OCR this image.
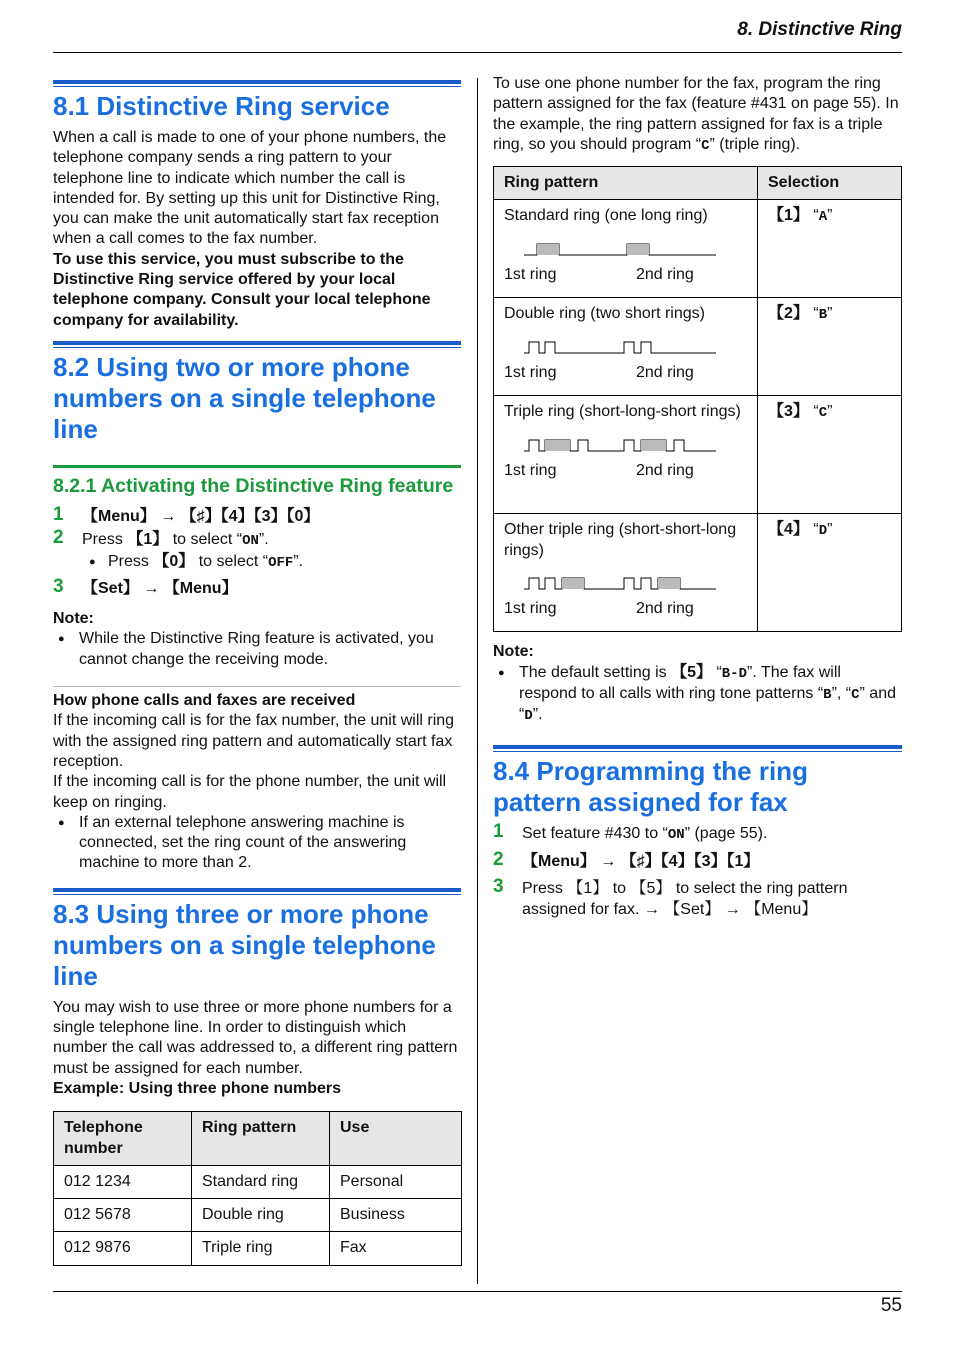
8. Distinctive Ring
8.1 Distinctive Ring service

When a call is made to one of your phone numbers, the telephone company sends a ring pattern to your telephone line to indicate which number the call is intended for. By setting up this unit for Distinctive Ring, you can make the unit automatically start fax reception when a call comes to the fax number.

To use this service, you must subscribe to the Distinctive Ring service offered by your local telephone company. Consult your local telephone company for availability.

8.2 Using two or more phone numbers on a single telephone line
8.2.1 Activating the Distinctive Ring feature
1 【Menu】 → 【♯】【4】【3】【0】
2 Press 【1】 to select “ON”.
● Press 【0】 to select “OFF”.
3 【Set】 → 【Menu】

Note:

● While the Distinctive Ring feature is activated, you cannot change the receiving mode.

How phone calls and faxes are received

If the incoming call is for the fax number, the unit will ring with the assigned ring pattern and automatically start fax reception.

If the incoming call is for the phone number, the unit will keep on ringing.

● If an external telephone answering machine is connected, set the ring count of the answering machine to more than 2.
8.3 Using three or more phone numbers on a single telephone line

You may wish to use three or more phone numbers for a single telephone line. In order to distinguish which number the call was addressed to, a different ring pattern must be assigned for each number.

Example: Using three phone numbers

Telephone number	Ring pattern	Use
012 1234	Standard ring	Personal
012 5678	Double ring	Business
012 9876	Triple ring	Fax

To use one phone number for the fax, program the ring pattern assigned for the fax (feature #431 on page 55). In the example, the ring pattern assigned for fax is a triple ring, so you should program “C” (triple ring).

Ring pattern	Selection

Standard ring (one long ring)
1st ring 2nd ring	【1】 “A”

Double ring (two short rings)
1st ring 2nd ring	【2】 “B”

Triple ring (short-long-short rings)
1st ring 2nd ring	【3】 “C”

Other triple ring (short-short-long rings)
1st ring 2nd ring	【4】 “D”

Note:

● The default setting is 【5】 “B-D”. The fax will respond to all calls with ring tone patterns “B”, “C” and “D”.
8.4 Programming the ring pattern assigned for fax
1 Set feature #430 to “ON” (page 55).
2 【Menu】 → 【♯】【4】【3】【1】
3 Press 【1】 to 【5】 to select the ring pattern assigned for fax. → 【Set】 → 【Menu】
55
